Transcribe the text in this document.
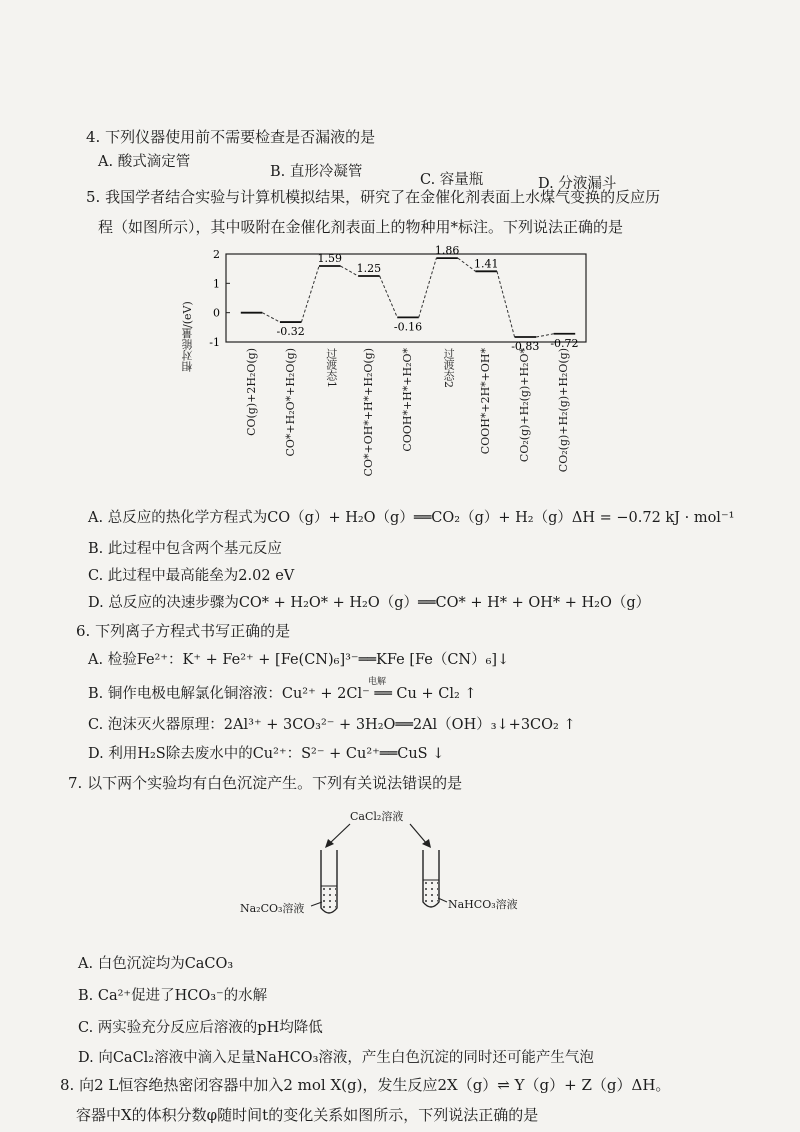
4. 下列仪器使用前不需要检查是否漏液的是
A. 酸式滴定管
B. 直形冷凝管	C. 容量瓶	D. 分液漏斗
5. 我国学者结合实验与计算机模拟结果，研究了在金催化剂表面上水煤气变换的反应历
程（如图所示），其中吸附在金催化剂表面上的物种用*标注。下列说法正确的是
相对能量/(eV)
2
1
0
-1
-0.32
1.59
1.25
-0.16
1.86
1.41
-0.83 -0.72
CO(g)+2H₂O(g) CO*+H₂O*+H₂O(g)	过渡态1 CO*+OH*+H*+H₂O(g) COOH*+H*+H₂O*	过渡态2 COOH*+2H*+OH* CO₂(g)+H₂(g)+H₂O* CO₂(g)+H₂(g)+H₂O(g)
A. 总反应的热化学方程式为CO（g）+ H₂O（g）══CO₂（g）+ H₂（g）ΔH = −0.72 kJ · mol⁻¹
B. 此过程中包含两个基元反应
C. 此过程中最高能垒为2.02 eV
D. 总反应的决速步骤为CO* + H₂O* + H₂O（g）══CO* + H* + OH* + H₂O（g）
6. 下列离子方程式书写正确的是
A. 检验Fe²⁺：K⁺ + Fe²⁺ + [Fe(CN)₆]³⁻══KFe [Fe（CN）₆]↓
B. 铜作电极电解氯化铜溶液：Cu²⁺ + 2Cl⁻ ══ Cu + Cl₂ ↑
电解
C. 泡沫灭火器原理：2Al³⁺ + 3CO₃²⁻ + 3H₂O══2Al（OH）₃↓+3CO₂ ↑
D. 利用H₂S除去废水中的Cu²⁺：S²⁻ + Cu²⁺══CuS ↓
7. 以下两个实验均有白色沉淀产生。下列有关说法错误的是
CaCl₂溶液
Na₂CO₃溶液	NaHCO₃溶液
A. 白色沉淀均为CaCO₃
B. Ca²⁺促进了HCO₃⁻的水解
C. 两实验充分反应后溶液的pH均降低
D. 向CaCl₂溶液中滴入足量NaHCO₃溶液，产生白色沉淀的同时还可能产生气泡
8. 向2 L恒容绝热密闭容器中加入2 mol X(g)，发生反应2X（g）⇌ Y（g）+ Z（g）ΔH。
容器中X的体积分数φ随时间t的变化关系如图所示，下列说法正确的是
